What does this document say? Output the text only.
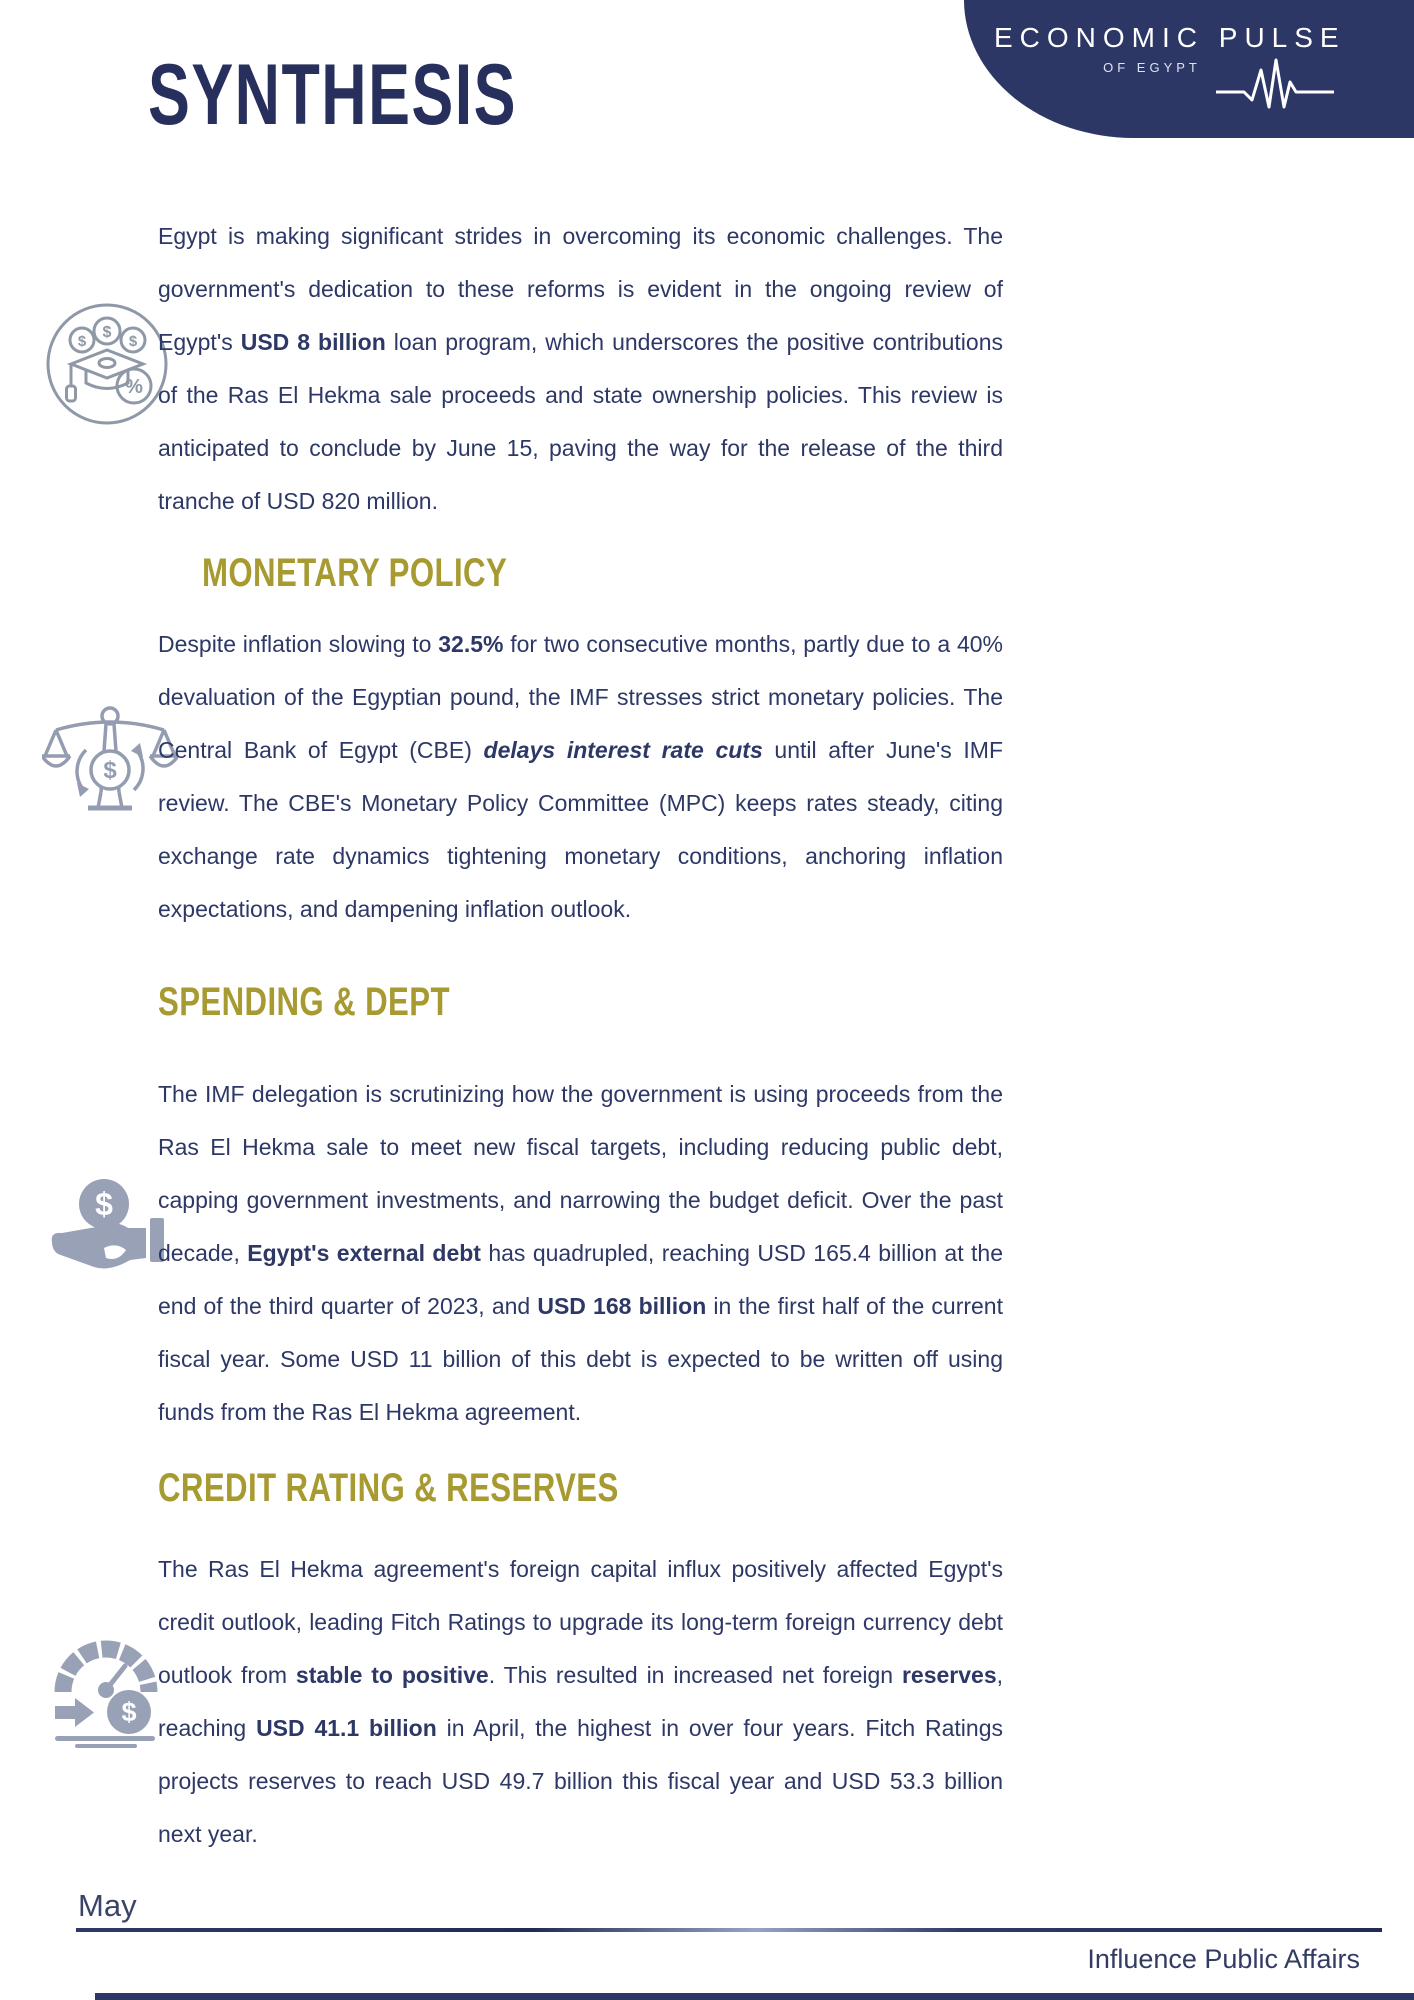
ECONOMIC PULSE
OF EGYPT
SYNTHESIS
$
$
$
%

Egypt is making significant strides in overcoming its economic challenges. The government's dedication to these reforms is evident in the ongoing review of Egypt's USD 8 billion loan program, which underscores the positive contributions of the Ras El Hekma sale proceeds and state ownership policies. This review is anticipated to conclude by June 15, paving the way for the release of the third tranche of USD 820 million.

MONETARY POLICY
$

Despite inflation slowing to 32.5% for two consecutive months, partly due to a 40% devaluation of the Egyptian pound, the IMF stresses strict monetary policies. The Central Bank of Egypt (CBE) delays interest rate cuts until after June's IMF review. The CBE's Monetary Policy Committee (MPC) keeps rates steady, citing exchange rate dynamics tightening monetary conditions, anchoring inflation expectations, and dampening inflation outlook.

SPENDING & DEPT
$

The IMF delegation is scrutinizing how the government is using proceeds from the Ras El Hekma sale to meet new fiscal targets, including reducing public debt, capping government investments, and narrowing the budget deficit. Over the past decade, Egypt's external debt has quadrupled, reaching USD 165.4 billion at the end of the third quarter of 2023, and USD 168 billion in the first half of the current fiscal year. Some USD 11 billion of this debt is expected to be written off using funds from the Ras El Hekma agreement.

CREDIT RATING & RESERVES
$

The Ras El Hekma agreement's foreign capital influx positively affected Egypt's credit outlook, leading Fitch Ratings to upgrade its long-term foreign currency debt outlook from stable to positive. This resulted in increased net foreign reserves, reaching USD 41.1 billion in April, the highest in over four years. Fitch Ratings projects reserves to reach USD 49.7 billion this fiscal year and USD 53.3 billion next year.

May
Influence Public Affairs
